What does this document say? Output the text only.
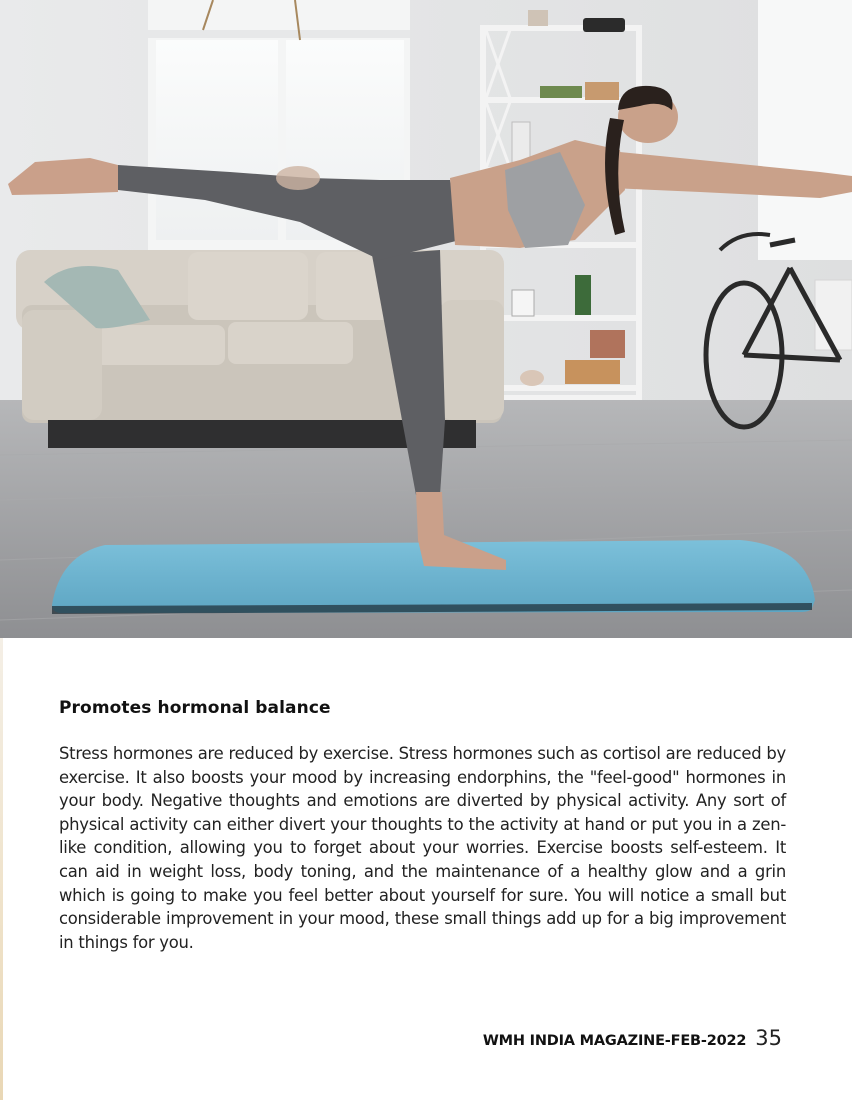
Promotes hormonal balance

Stress hormones are reduced by exercise. Stress hormones such as cortisol are reduced by exercise. It also boosts your mood by increasing endorphins, the "feel-good" hormones in your body. Negative thoughts and emotions are diverted by physical activity. Any sort of physical activity can either divert your thoughts to the activity at hand or put you in a zen-like condition, allowing you to forget about your worries. Exercise boosts self-esteem. It can aid in weight loss, body toning, and the maintenance of a healthy glow and a grin which is going to make you feel better about yourself for sure. You will notice a small but considerable improvement in your mood, these small things add up for a big improvement in things for you.

WMH INDIA MAGAZINE-FEB-2022 35
